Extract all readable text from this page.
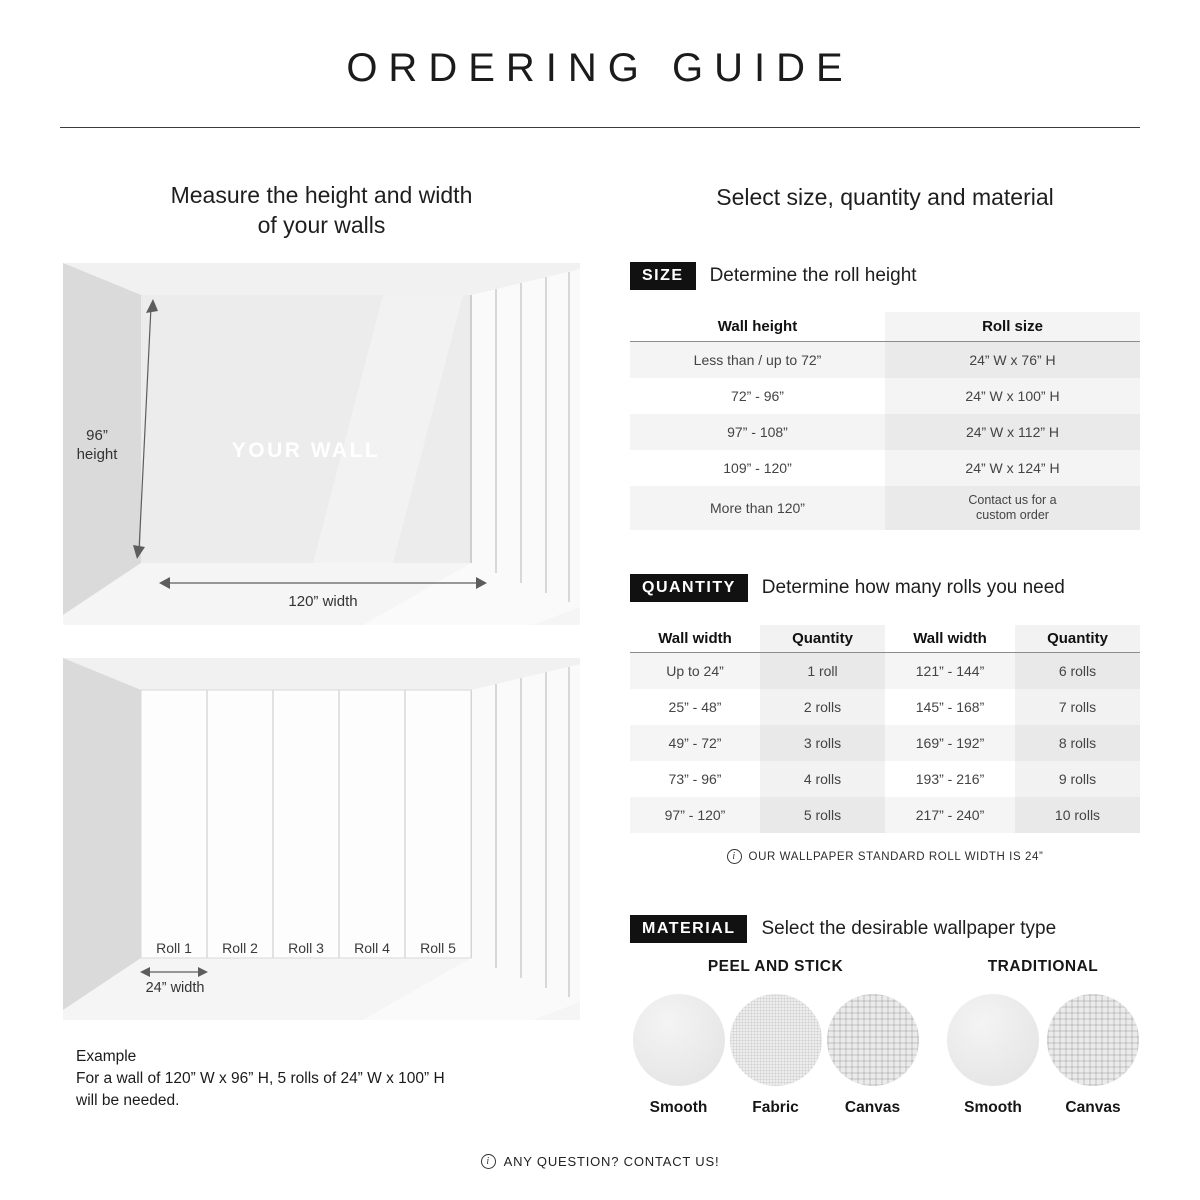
ORDERING GUIDE
Measure the height and width
of your walls
YOUR WALL
96”
height
120” width
Roll 1	Roll 2	Roll 3	Roll 4	Roll 5
24” width
Example
For a wall of 120” W x 96” H, 5 rolls of 24” W x 100” H
will be needed.
Select size, quantity and material
SIZE	Determine the roll height
Wall height	Roll size
Less than / up to 72”	24” W x 76” H
72” - 96”	24” W x 100” H
97” - 108”	24” W x 112” H
109” - 120”	24” W x 124” H
More than 120”	Contact us for a custom order
QUANTITY	Determine how many rolls you need
Wall width	Quantity	Wall width	Quantity
Up to 24”	1 roll	121” - 144”	6 rolls
25” - 48”	2 rolls	145” - 168”	7 rolls
49” - 72”	3 rolls	169” - 192”	8 rolls
73” - 96”	4 rolls	193” - 216”	9 rolls
97” - 120”	5 rolls	217” - 240”	10 rolls
i	OUR WALLPAPER STANDARD ROLL WIDTH IS 24”
MATERIAL	Select the desirable wallpaper type
PEEL AND STICK
Smooth	Fabric	Canvas
TRADITIONAL
Smooth	Canvas
i	ANY QUESTION? CONTACT US!
